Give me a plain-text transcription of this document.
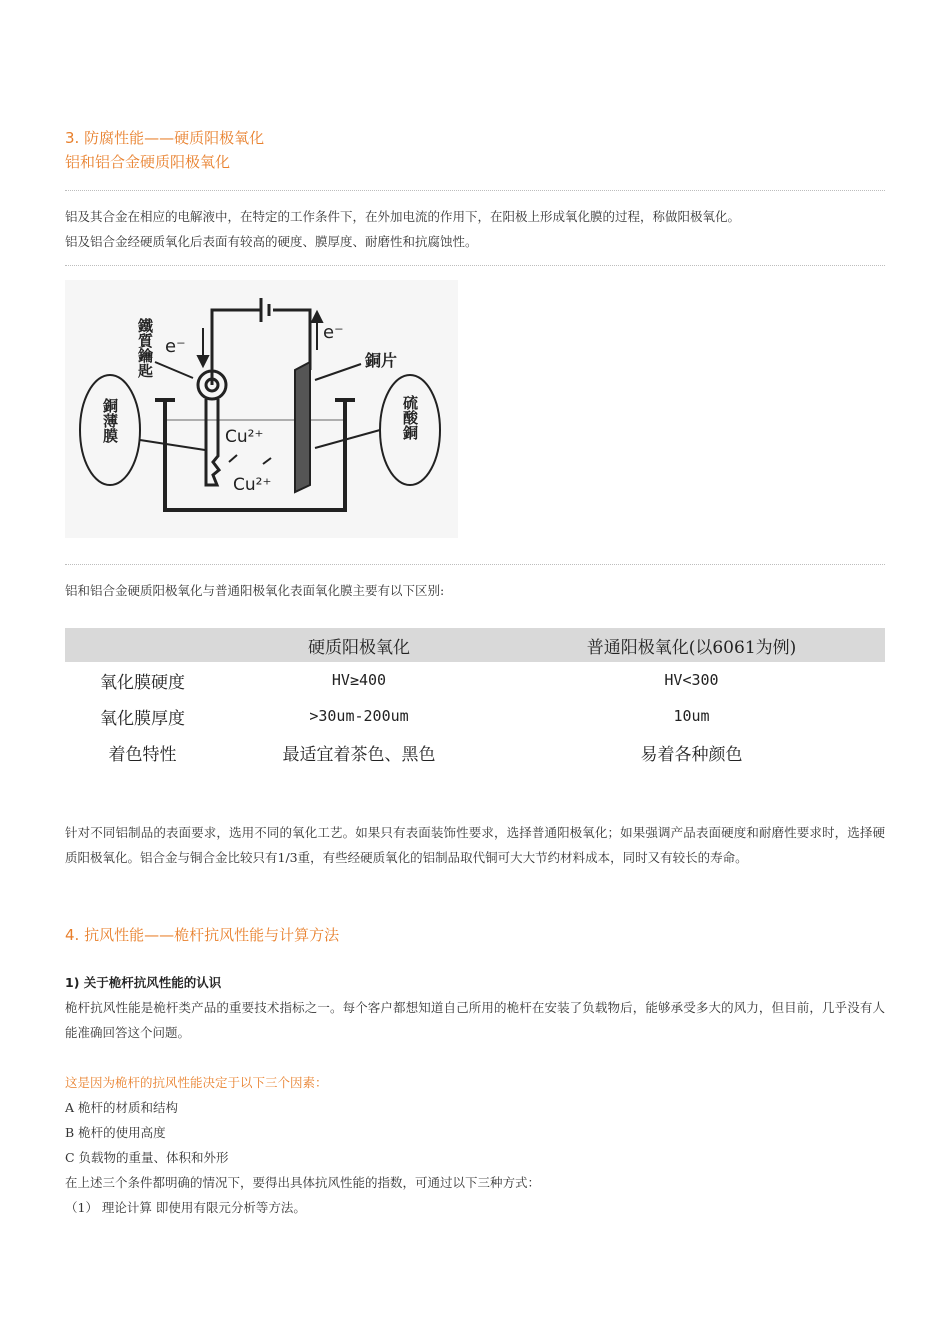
3. 防腐性能——硬质阳极氧化
铝和铝合金硬质阳极氧化
铝及其合金在相应的电解液中，在特定的工作条件下，在外加电流的作用下，在阳极上形成氧化膜的过程，称做阳极氧化。
铝及铝合金经硬质氧化后表面有较高的硬度、膜厚度、耐磨性和抗腐蚀性。
e⁻
e⁻
Cu²⁺
Cu²⁺
銅薄膜	硫酸銅
鐵質鑰匙	銅片
铝和铝合金硬质阳极氧化与普通阳极氧化表面氧化膜主要有以下区别:
	硬质阳极氧化	普通阳极氧化(以6061为例)
氧化膜硬度	HV≥400	HV<300
氧化膜厚度	>30um-200um	10um
着色特性	最适宜着茶色、黑色	易着各种颜色
针对不同铝制品的表面要求，选用不同的氧化工艺。如果只有表面装饰性要求，选择普通阳极氧化；如果强调产品表面硬度和耐磨性要求时，选择硬质阳极氧化。铝合金与铜合金比较只有1/3重，有些经硬质氧化的铝制品取代铜可大大节约材料成本，同时又有较长的寿命。
4. 抗风性能——桅杆抗风性能与计算方法
1) 关于桅杆抗风性能的认识
桅杆抗风性能是桅杆类产品的重要技术指标之一。每个客户都想知道自己所用的桅杆在安装了负载物后，能够承受多大的风力，但目前，几乎没有人能准确回答这个问题。
这是因为桅杆的抗风性能决定于以下三个因素：
A 桅杆的材质和结构
B 桅杆的使用高度
C 负载物的重量、体积和外形
在上述三个条件都明确的情况下，要得出具体抗风性能的指数，可通过以下三种方式：
（1） 理论计算 即使用有限元分析等方法。
